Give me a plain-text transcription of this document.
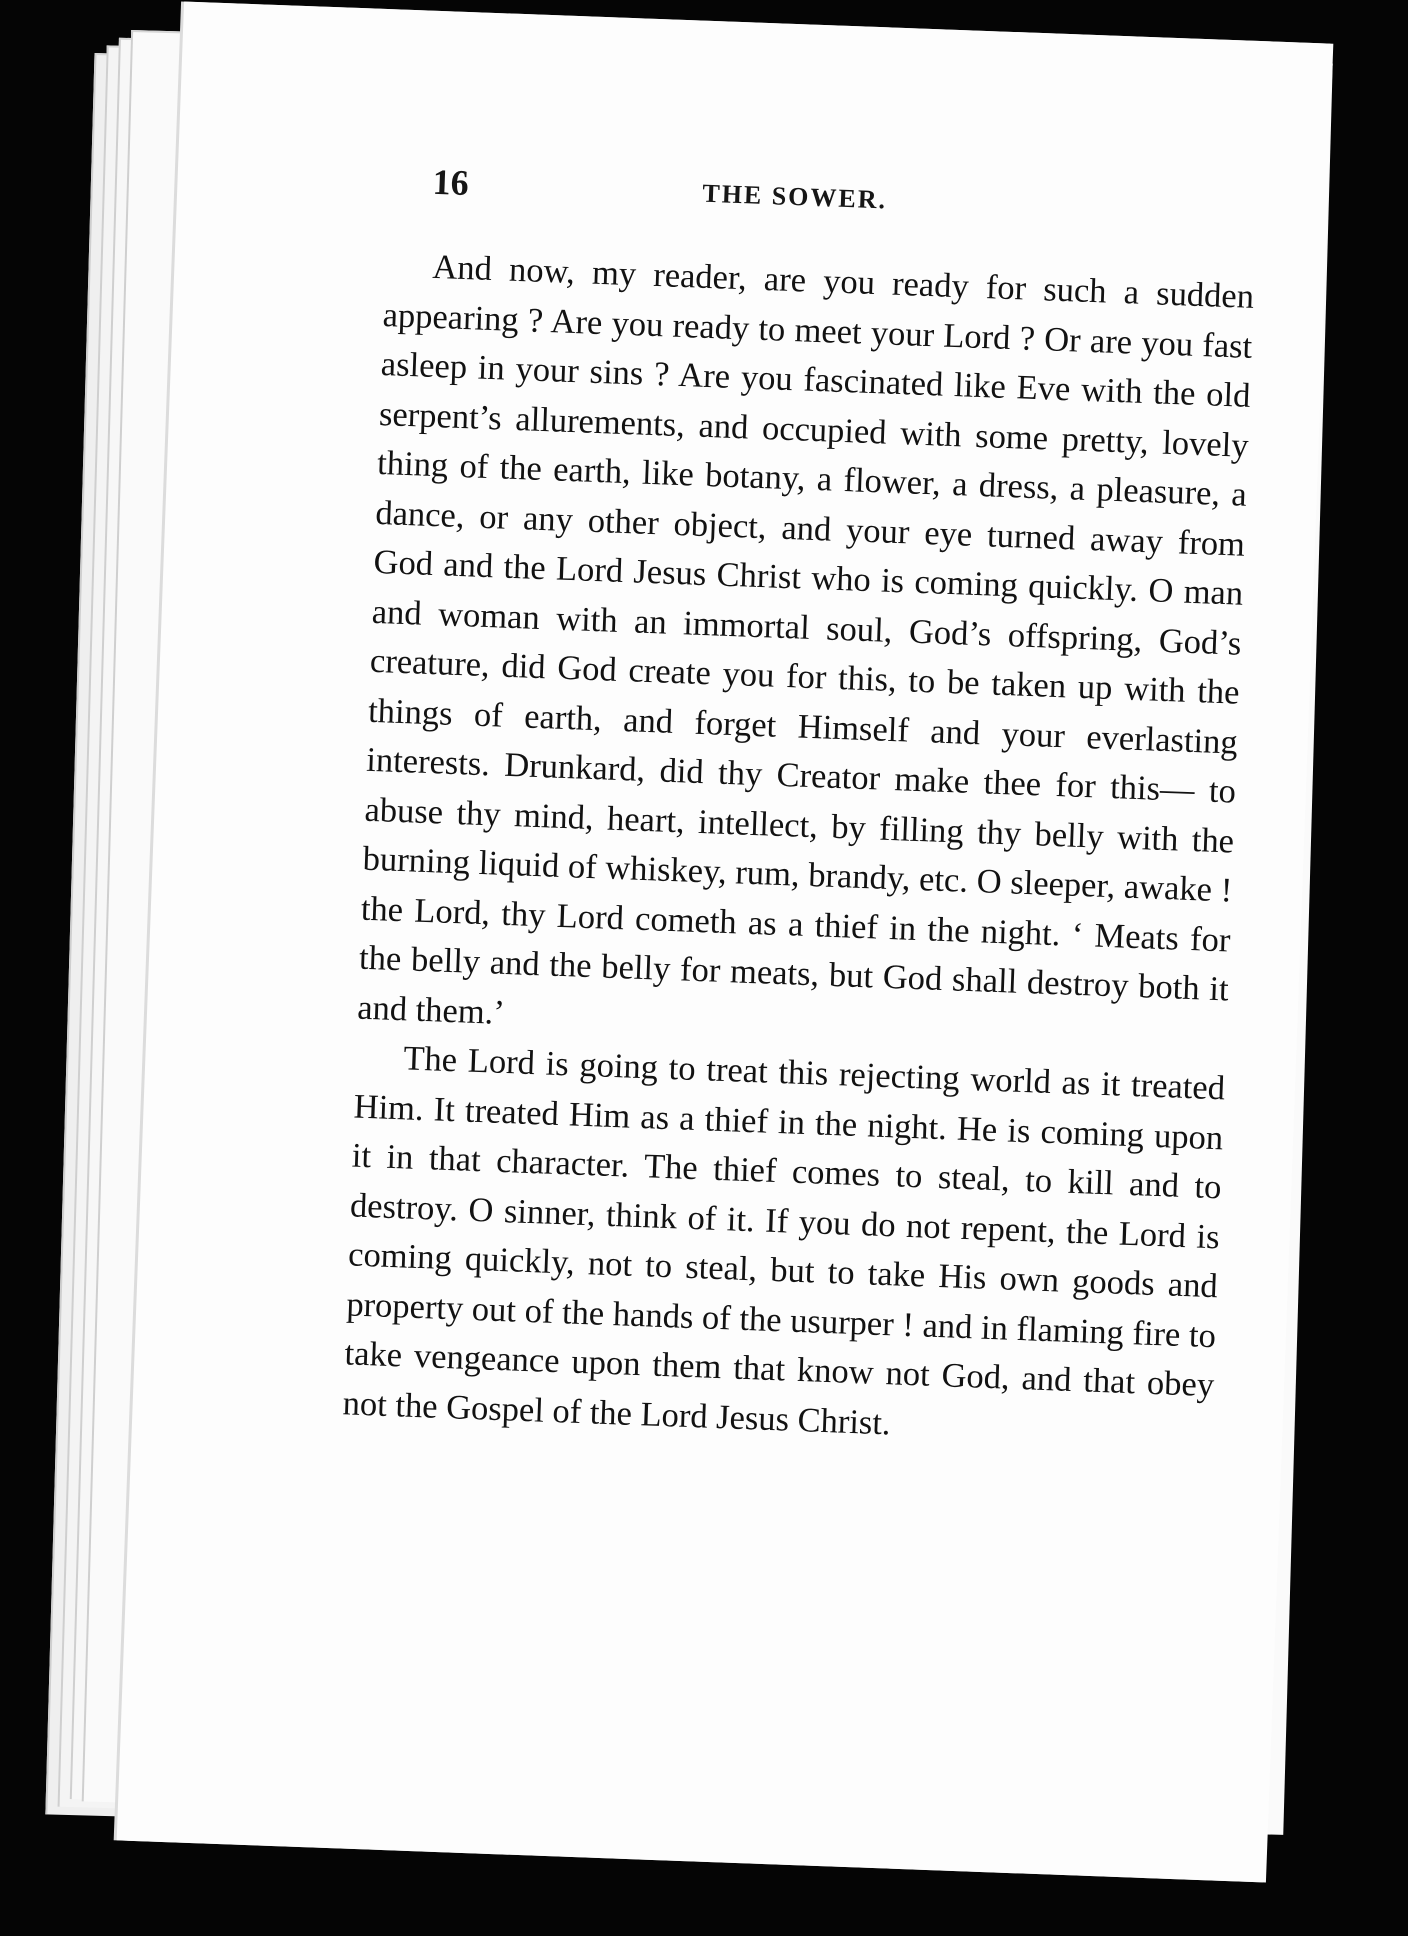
16	THE SOWER.

And now, my reader, are you ready for such a sudden appearing ? Are you ready to meet your Lord ? Or are you fast asleep in your sins ? Are you fascinated like Eve with the old serpent’s allurements, and occupied with some pretty, lovely thing of the earth, like botany, a flower, a dress, a pleasure, a dance, or any other object, and your eye turned away from God and the Lord Jesus Christ who is coming quickly. O man and woman with an immortal soul, God’s offspring, God’s creature, did God create you for this, to be taken up with the things of earth, and forget Himself and your everlasting interests. Drunkard, did thy Creator make thee for this— to abuse thy mind, heart, intellect, by filling thy belly with the burning liquid of whiskey, rum, brandy, etc. O sleeper, awake ! the Lord, thy Lord cometh as a thief in the night. ‘ Meats for the belly and the belly for meats, but God shall destroy both it and them.’

The Lord is going to treat this rejecting world as it treated Him. It treated Him as a thief in the night. He is coming upon it in that character. The thief comes to steal, to kill and to destroy. O sinner, think of it. If you do not repent, the Lord is coming quickly, not to steal, but to take His own goods and property out of the hands of the usurper ! and in flaming fire to take vengeance upon them that know not God, and that obey not the Gospel of the Lord Jesus Christ.
